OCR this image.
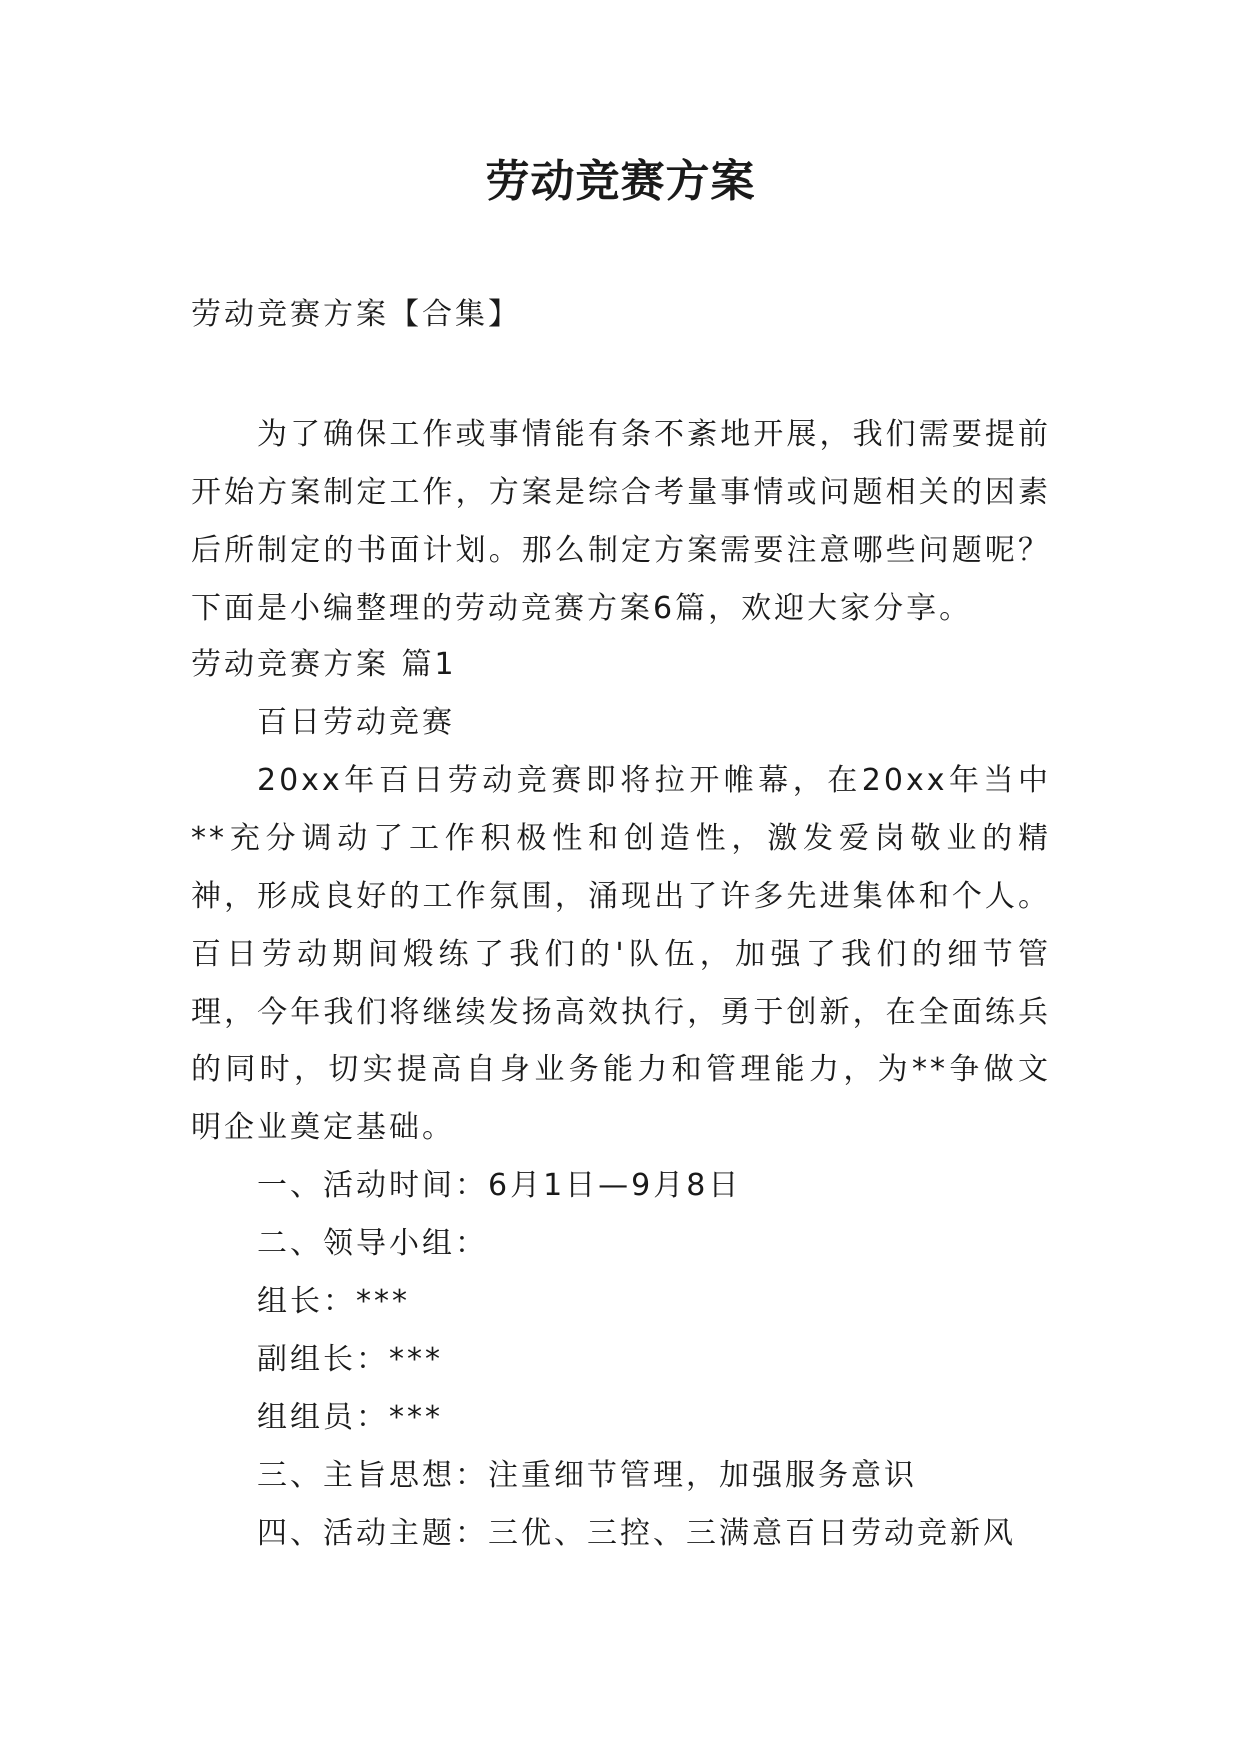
劳动竞赛方案
劳动竞赛方案【合集】
为了确保工作或事情能有条不紊地开展，我们需要提前开始方案制定工作，方案是综合考量事情或问题相关的因素后所制定的书面计划。那么制定方案需要注意哪些问题呢？下面是小编整理的劳动竞赛方案6篇，欢迎大家分享。
劳动竞赛方案 篇1

百日劳动竞赛

20xx年百日劳动竞赛即将拉开帷幕，在20xx年当中**充分调动了工作积极性和创造性，激发爱岗敬业的精神，形成良好的工作氛围，涌现出了许多先进集体和个人。百日劳动期间煅练了我们的'队伍，加强了我们的细节管理，今年我们将继续发扬高效执行，勇于创新，在全面练兵的同时，切实提高自身业务能力和管理能力，为**争做文明企业奠定基础。

一、活动时间：6月1日—9月8日

二、领导小组：

组长：***

副组长：***

组组员：***

三、主旨思想：注重细节管理，加强服务意识

四、活动主题：三优、三控、三满意百日劳动竞新风
